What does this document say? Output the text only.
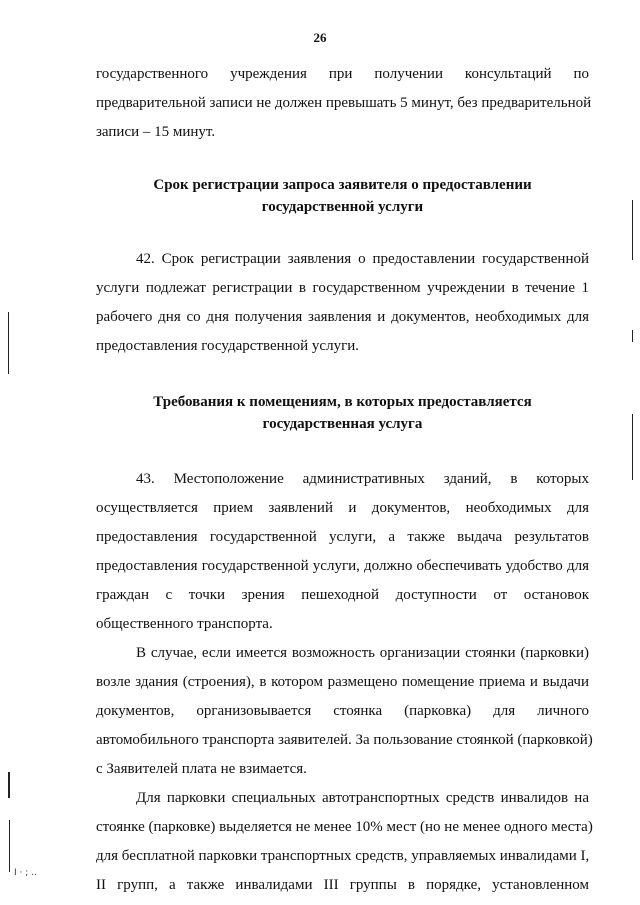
26
государственного учреждения при получении консультаций по
предварительной записи не должен превышать 5 минут, без предварительной
записи – 15 минут.
Срок регистрации запроса заявителя о предоставлении
государственной услуги
42. Срок регистрации заявления о предоставлении государственной
услуги подлежат регистрации в государственном учреждении в течение 1
рабочего дня со дня получения заявления и документов, необходимых для
предоставления государственной услуги.
Требования к помещениям, в которых предоставляется
государственная услуга
43. Местоположение административных зданий, в которых
осуществляется прием заявлений и документов, необходимых для
предоставления государственной услуги, а также выдача результатов
предоставления государственной услуги, должно обеспечивать удобство для
граждан с точки зрения пешеходной доступности от остановок
общественного транспорта.
В случае, если имеется возможность организации стоянки (парковки)
возле здания (строения), в котором размещено помещение приема и выдачи
документов, организовывается стоянка (парковка) для личного
автомобильного транспорта заявителей. За пользование стоянкой (парковкой)
с Заявителей плата не взимается.
Для парковки специальных автотранспортных средств инвалидов на
стоянке (парковке) выделяется не менее 10% мест (но не менее одного места)
для бесплатной парковки транспортных средств, управляемых инвалидами I,
II групп, а также инвалидами III группы в порядке, установленном
I · ; ..
